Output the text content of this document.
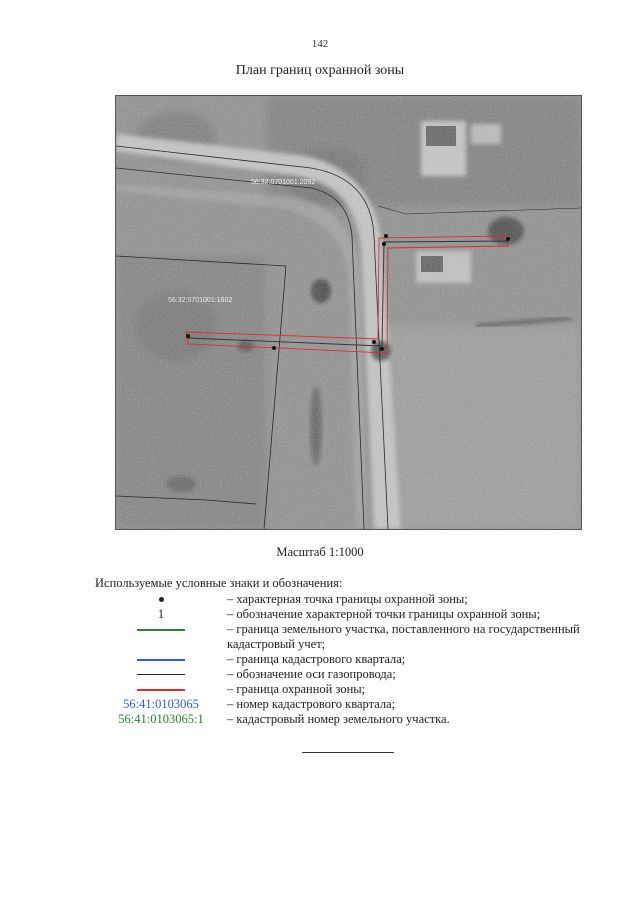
142
План границ охранной зоны
56:32:0701001:2092
56:32:0701001:1602
Масштаб 1:1000
Используемые условные знаки и обозначения:
– характерная точка границы охранной зоны;
1	– обозначение характерной точки границы охранной зоны;
– граница земельного участка, поставленного на государственный кадастровый учет;
– граница кадастрового квартала;
– обозначение оси газопровода;
– граница охранной зоны;
56:41:0103065 – номер кадастрового квартала;
56:41:0103065:1 – кадастровый номер земельного участка.
